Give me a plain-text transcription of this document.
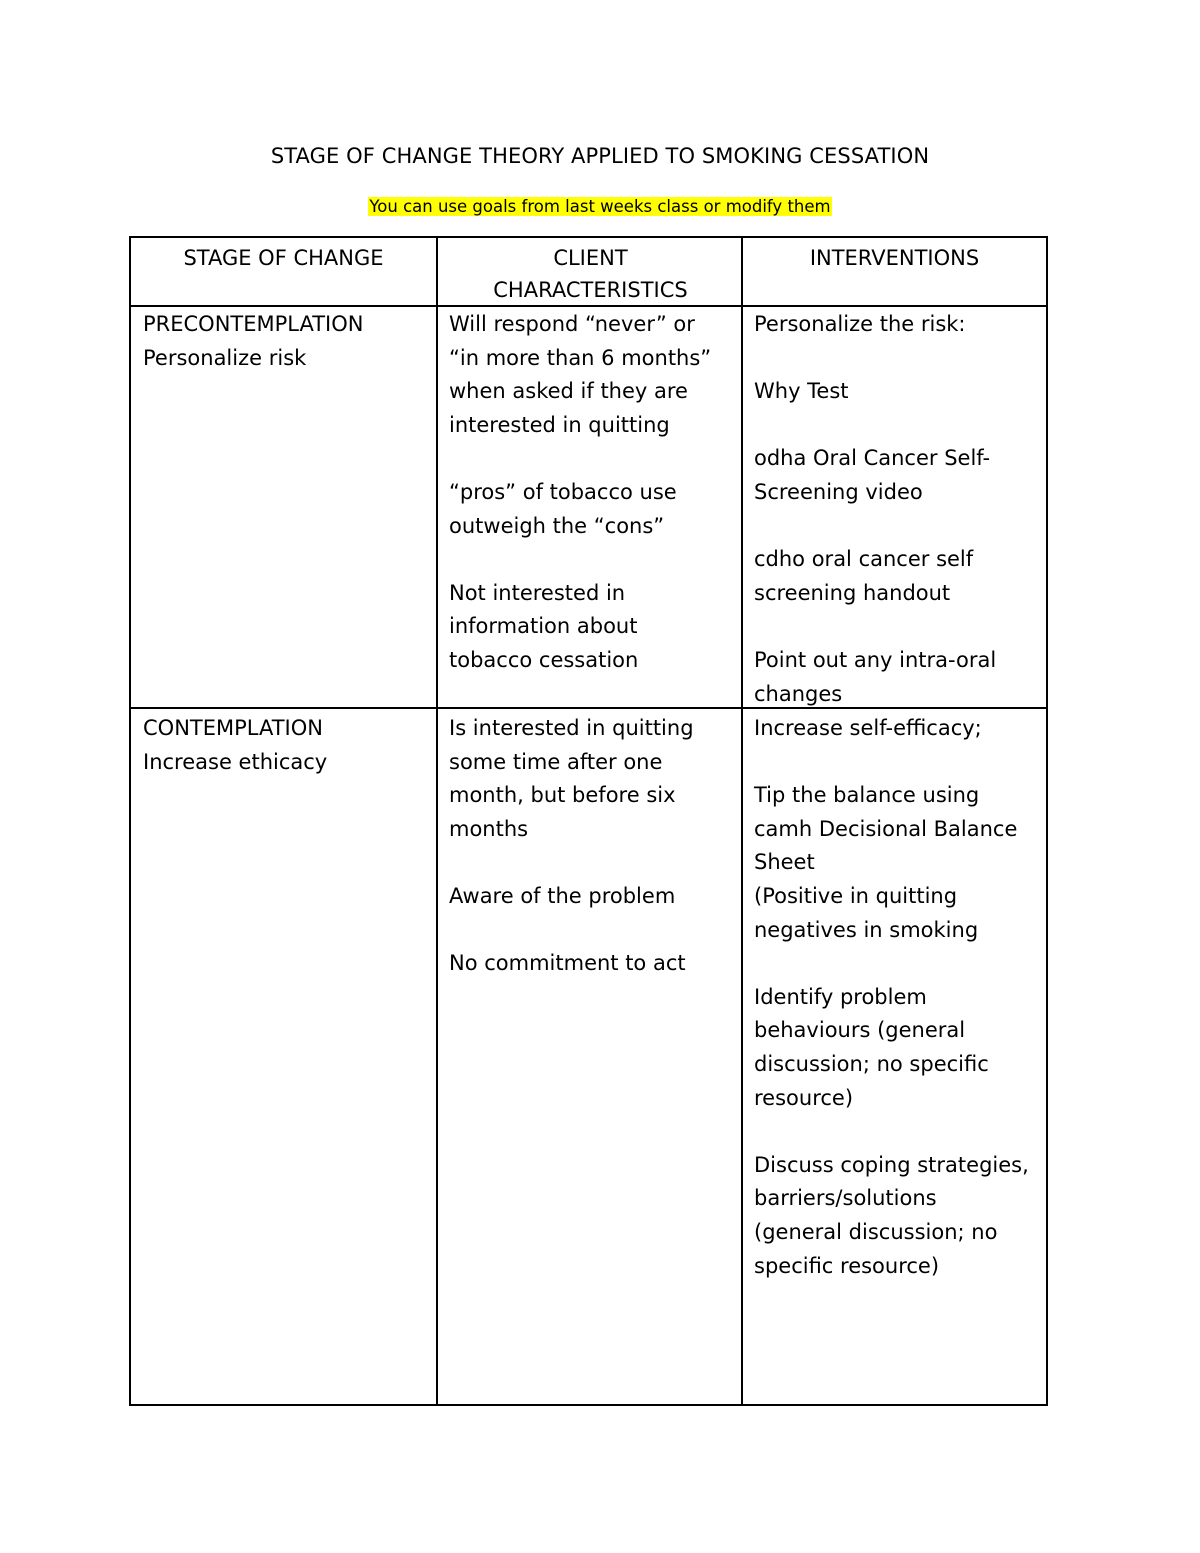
STAGE OF CHANGE THEORY APPLIED TO SMOKING CESSATION
You can use goals from last weeks class or modify them
STAGE OF CHANGE	CLIENT CHARACTERISTICS
INTERVENTIONS
PRECONTEMPLATION
Personalize risk
Will respond “never” or
“in more than 6 months”
when asked if they are
interested in quitting
“pros” of tobacco use
outweigh the “cons”
Not interested in
information about
tobacco cessation
Personalize the risk:
Why Test
odha Oral Cancer Self-
Screening video
cdho oral cancer self
screening handout
Point out any intra-oral
changes
CONTEMPLATION
Increase ethicacy
Is interested in quitting
some time after one
month, but before six
months
Aware of the problem
No commitment to act
Increase self-efficacy;
Tip the balance using
camh Decisional Balance
Sheet
(Positive in quitting
negatives in smoking
Identify problem
behaviours (general
discussion; no specific
resource)
Discuss coping strategies,
barriers/solutions
(general discussion; no
specific resource)
